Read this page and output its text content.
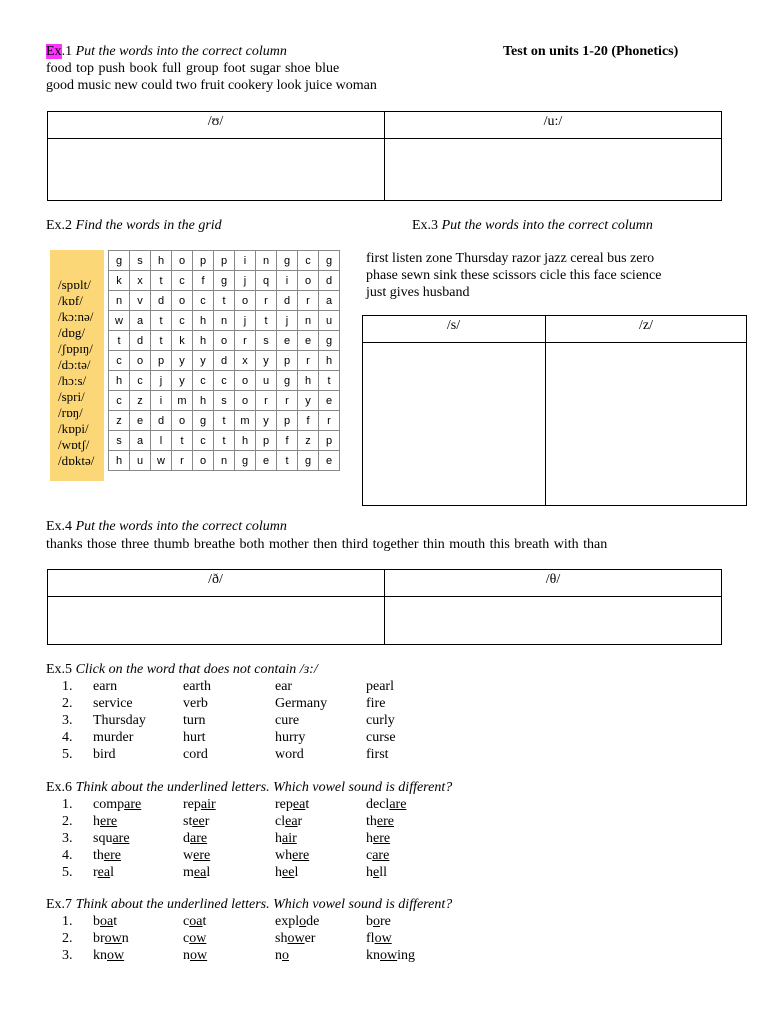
Ex.1 Put the words into the correct column	Test on units 1-20 (Phonetics)
food top push book full group foot sugar shoe blue
good music new could two fruit cookery look juice woman
/ʊ/	/u:/
Ex.2 Find the words in the grid	Ex.3 Put the words into the correct column
/spɒlt/
/kɒf/
/kɔ:nə/
/dɒg/
/ʃɒpɪŋ/
/dɔ:tə/
/hɔ:s/
/spri/
/rɒŋ/
/kɒpi/
/wɒtʃ/
/dɒktə/
g	s	h	o	p	p	i	n	g	c	g
k	x	t	c	f	g	j	q	i	o	d
n	v	d	o	c	t	o	r	d	r	a
w	a	t	c	h	n	j	t	j	n	u
t	d	t	k	h	o	r	s	e	e	g
c	o	p	y	y	d	x	y	p	r	h
h	c	j	y	c	c	o	u	g	h	t
c	z	i	m	h	s	o	r	r	y	e
z	e	d	o	g	t	m	y	p	f	r
s	a	l	t	c	t	h	p	f	z	p
h	u	w	r	o	n	g	e	t	g	e
first listen zone Thursday razor jazz cereal bus zero
phase sewn sink these scissors cicle this face science
just gives husband
/s/	/z/
Ex.4 Put the words into the correct column
thanks those three thumb breathe both mother then third together thin mouth this breath with than
/ð/	/θ/
Ex.5 Click on the word that does not contain /ɜ:/
1. earn	earth	ear	pearl
2. service	verb	Germany	fire
3. Thursday	turn	cure	curly
4. murder	hurt	hurry	curse
5. bird	cord	word	first
Ex.6 Think about the underlined letters. Which vowel sound is different?
1. compare	repair	repeat	declare
2. here	steer	clear	there
3. square	dare	hair	here
4. there	were	where	care
5. real	meal	heel	hell
Ex.7 Think about the underlined letters. Which vowel sound is different?
1. boat	coat	explode	bore
2. brown	cow	shower	flow
3. know	now	no	knowing
